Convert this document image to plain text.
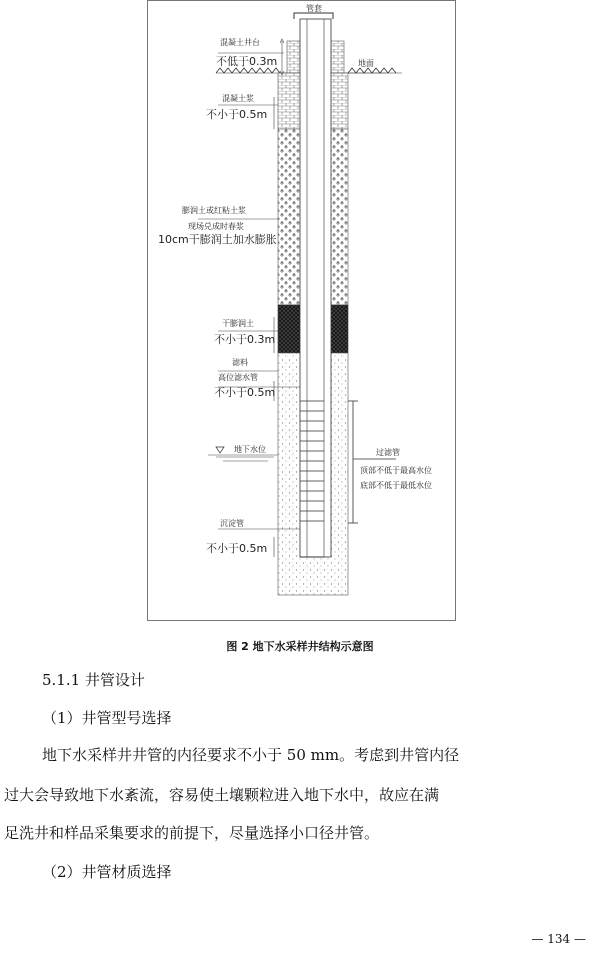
管套
混凝土井台
不低于0.3m	地面
混凝土浆
不小于0.5m
膨润土或红粘土浆
现场兑成时春浆
10cm干膨润土加水膨胀
干膨润土
不小于0.3m
滤料
高位滤水管
不小于0.5m
地下水位	过滤管
顶部不低于最高水位
底部不低于最低水位
沉淀管
不小于0.5m
图 2 地下水采样井结构示意图
5.1.1 井管设计
（1）井管型号选择
地下水采样井井管的内径要求不小于 50 mm。考虑到井管内径
过大会导致地下水紊流，容易使土壤颗粒进入地下水中，故应在满
足洗井和样品采集要求的前提下，尽量选择小口径井管。
（2）井管材质选择
— 134 —
